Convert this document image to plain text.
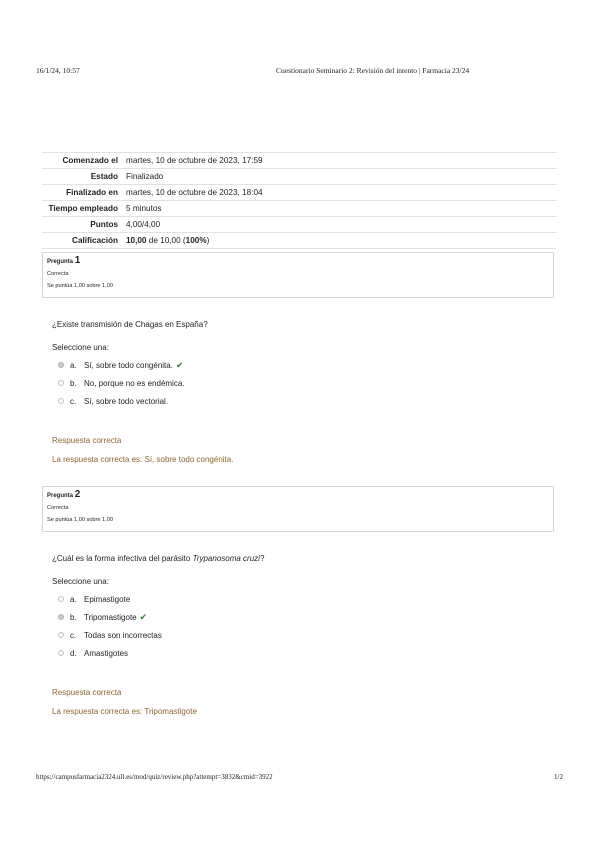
16/1/24, 10:57	Cuestionario Seminario 2: Revisión del intento | Farmacia 23/24
Comenzado el	martes, 10 de octubre de 2023, 17:59
Estado	Finalizado
Finalizado en	martes, 10 de octubre de 2023, 18:04
Tiempo empleado	5 minutos
Puntos	4,00/4,00
Calificación	10,00 de 10,00 (100%)
Pregunta 1
Correcta
Se puntúa 1,00 sobre 1,00

¿Existe transmisión de Chagas en España?

Seleccione una:

a. Sí, sobre todo congénita. ✔
b. No, porque no es endémica.
c. Sí, sobre todo vectorial.
Respuesta correcta
La respuesta correcta es: Sí, sobre todo congénita.
Pregunta 2
Correcta
Se puntúa 1,00 sobre 1,00

¿Cuál es la forma infectiva del parásito Trypanosoma cruzi?

Seleccione una:

a. Epimastigote
b. Tripomastigote ✔
c. Todas son incorrectas
d. Amastigotes
Respuesta correcta
La respuesta correcta es: Tripomastigote
https://campusfarmacia2324.ull.es/mod/quiz/review.php?attempt=3832&cmid=3922	1/2
